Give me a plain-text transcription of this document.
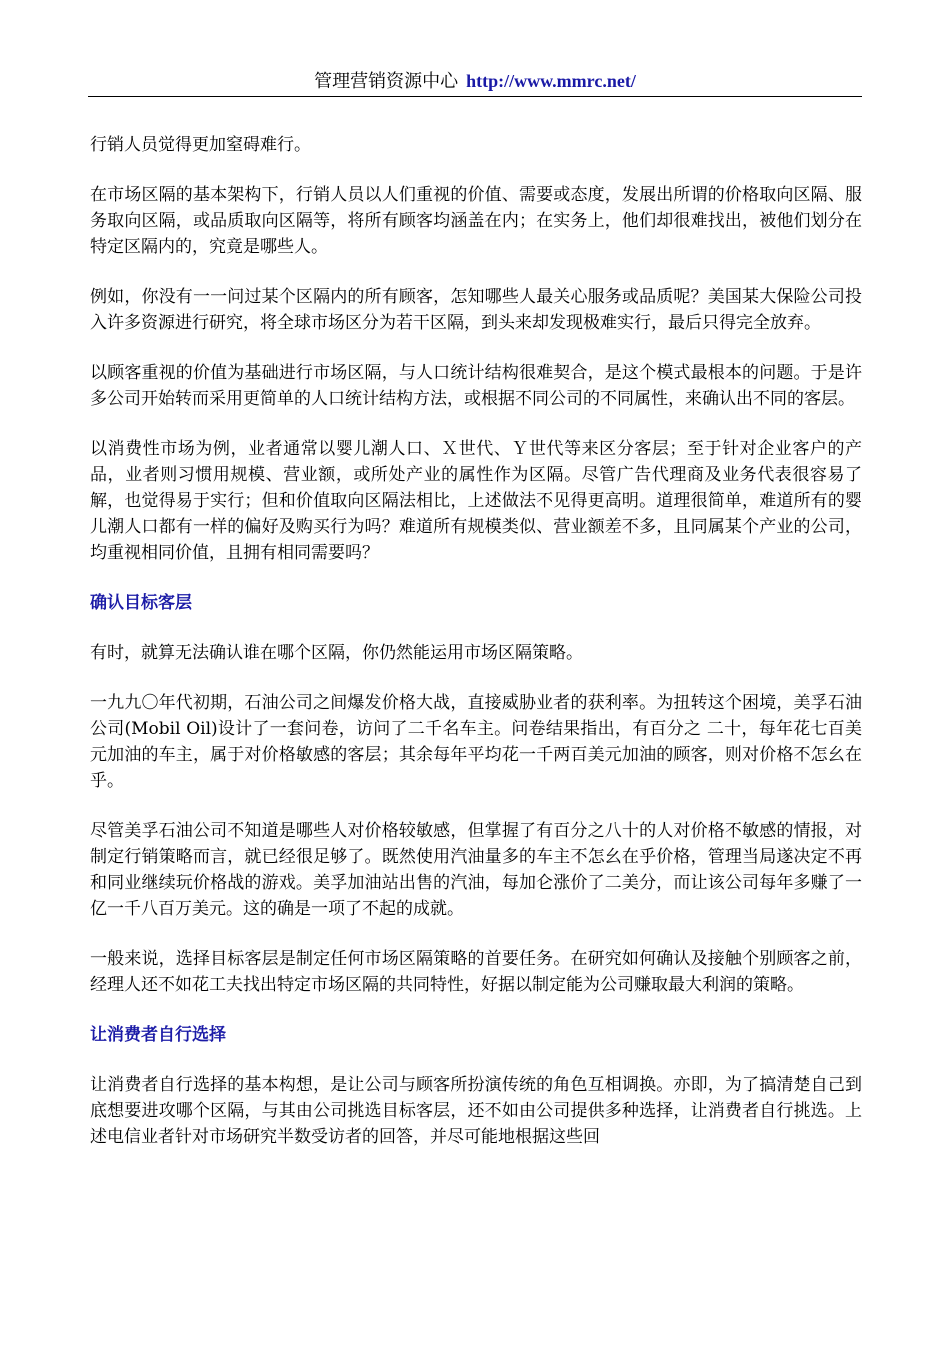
管理营销资源中心 http://www.mmrc.net/

行销人员觉得更加窒碍难行。

在市场区隔的基本架构下，行销人员以人们重视的价值、需要或态度，发展出所谓的价格取向区隔、服务取向区隔，或品质取向区隔等，将所有顾客均涵盖在内；在实务上，他们却很难找出，被他们划分在特定区隔内的，究竟是哪些人。

例如，你没有一一问过某个区隔内的所有顾客，怎知哪些人最关心服务或品质呢？美国某大保险公司投入许多资源进行研究，将全球市场区分为若干区隔，到头来却发现极难实行，最后只得完全放弃。

以顾客重视的价值为基础进行市场区隔，与人口统计结构很难契合，是这个模式最根本的问题。于是许多公司开始转而采用更简单的人口统计结构方法，或根据不同公司的不同属性，来确认出不同的客层。

以消费性市场为例，业者通常以婴儿潮人口、Ｘ世代、Ｙ世代等来区分客层；至于针对企业客户的产品，业者则习惯用规模、营业额，或所处产业的属性作为区隔。尽管广告代理商及业务代表很容易了解，也觉得易于实行；但和价值取向区隔法相比，上述做法不见得更高明。道理很简单，难道所有的婴儿潮人口都有一样的偏好及购买行为吗？难道所有规模类似、营业额差不多，且同属某个产业的公司，均重视相同价值，且拥有相同需要吗？

确认目标客层

有时，就算无法确认谁在哪个区隔，你仍然能运用市场区隔策略。

一九九〇年代初期，石油公司之间爆发价格大战，直接威胁业者的获利率。为扭转这个困境，美孚石油公司(Mobil Oil)设计了一套问卷，访问了二千名车主。问卷结果指出，有百分之 二十，每年花七百美元加油的车主，属于对价格敏感的客层；其余每年平均花一千两百美元加油的顾客，则对价格不怎幺在乎。

尽管美孚石油公司不知道是哪些人对价格较敏感，但掌握了有百分之八十的人对价格不敏感的情报，对制定行销策略而言，就已经很足够了。既然使用汽油量多的车主不怎幺在乎价格，管理当局遂决定不再和同业继续玩价格战的游戏。美孚加油站出售的汽油，每加仑涨价了二美分，而让该公司每年多赚了一亿一千八百万美元。这的确是一项了不起的成就。

一般来说，选择目标客层是制定任何市场区隔策略的首要任务。在研究如何确认及接触个别顾客之前，经理人还不如花工夫找出特定市场区隔的共同特性，好据以制定能为公司赚取最大利润的策略。

让消费者自行选择

让消费者自行选择的基本构想，是让公司与顾客所扮演传统的角色互相调换。亦即，为了搞清楚自己到底想要进攻哪个区隔，与其由公司挑选目标客层，还不如由公司提供多种选择，让消费者自行挑选。上述电信业者针对市场研究半数受访者的回答，并尽可能地根据这些回
